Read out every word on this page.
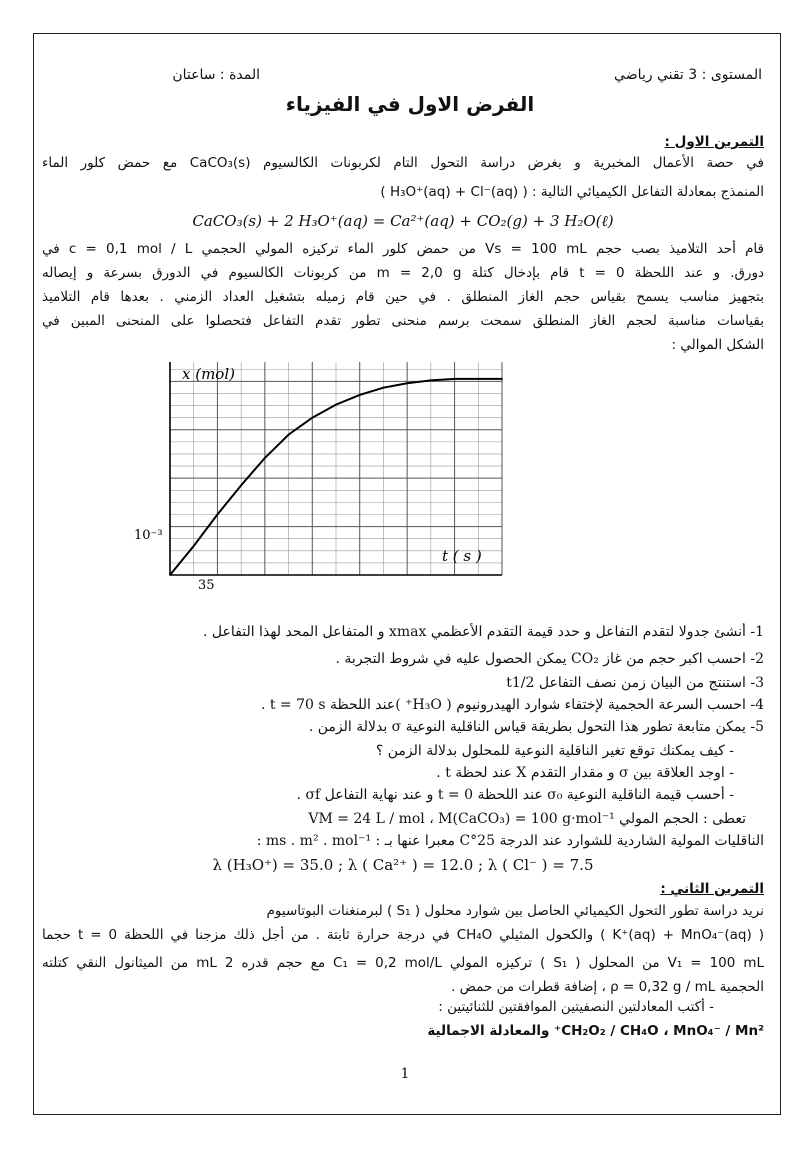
المستوى : 3 تقني رياضي
المدة : ساعتان
الفرض الاول في الفيزياء
التمرين الاول :
في حصة الأعمال المخبرية و بغرض دراسة التحول التام لكربونات الكالسيوم CaCO₃(s) مع حمض كلور الماء
المنمذج بمعادلة التفاعل الكيميائي التالية : ( H₃O⁺(aq) + Cl⁻(aq) )
CaCO₃(s) + 2 H₃O⁺(aq) = Ca²⁺(aq) + CO₂(g) + 3 H₂O(ℓ)
قام أحد التلاميذ بصب حجم Vs = 100 mL من حمض كلور الماء تركيزه المولي الحجمي c = 0,1 mol / L في
دورق. و عند اللحظة t = 0 قام بإدخال كتلة m = 2,0 g من كربونات الكالسيوم في الدورق بسرعة و إيصاله
بتجهيز مناسب يسمح بقياس حجم الغاز المنطلق . في حين قام زميله بتشغيل العداد الزمني . بعدها قام التلاميذ
بقياسات مناسبة لحجم الغاز المنطلق سمحت برسم منحنى تطور تقدم التفاعل فتحصلوا على المنحنى المبين في
الشكل الموالي :
x (mol)
t ( s )
35
10⁻³
1- أنشئ جدولا لتقدم التفاعل و حدد قيمة التقدم الأعظمي xmax و المتفاعل المحد لهذا التفاعل .
2- احسب اكبر حجم من غاز CO₂ يمكن الحصول عليه في شروط التجربة .
3- استنتج من البيان زمن نصف التفاعل t1/2
4- احسب السرعة الحجمية لإختفاء شوارد الهيدرونيوم ( H₃O⁺ )عند اللحظة t = 70 s .
5- يمكن متابعة تطور هذا التحول بطريقة قياس الناقلية النوعية σ بدلالة الزمن .
- كيف يمكنك توقع تغير الناقلية النوعية للمحلول بدلالة الزمن ؟
- اوجد العلاقة بين σ و مقدار التقدم X عند لحظة t .
- أحسب قيمة الناقلية النوعية σ₀ عند اللحظة t = 0 و عند نهاية التفاعل σf .
تعطى : الحجم المولي VM = 24 L / mol ، M(CaCO₃) = 100 g·mol⁻¹
الناقليات المولية الشاردية للشوارد عند الدرجة 25°C معبرا عنها بـ : ms . m² . mol⁻¹ :
λ (H₃O⁺) = 35.0 ; λ ( Ca²⁺ ) = 12.0 ; λ ( Cl⁻ ) = 7.5
التمرين الثاني :
نريد دراسة تطور التحول الكيميائي الحاصل بين شوارد محلول ( S₁ ) لبرمنغنات البوتاسيوم
( K⁺(aq) + MnO₄⁻(aq) ) والكحول المثيلي CH₄O في درجة حرارة ثابتة . من أجل ذلك مزجنا في اللحظة t = 0 حجما
V₁ = 100 mL من المحلول ( S₁ ) تركيزه المولي C₁ = 0,2 mol/L مع حجم قدره 2 mL من الميثانول النقي كتلته
الحجمية ρ = 0,32 g / mL ، إضافة قطرات من حمض .
- أكتب المعادلتين النصفيتين الموافقتين للثنائيتين :
CH₂O₂ / CH₄O ، MnO₄⁻ / Mn²⁺ والمعادلة الاجمالية
1
